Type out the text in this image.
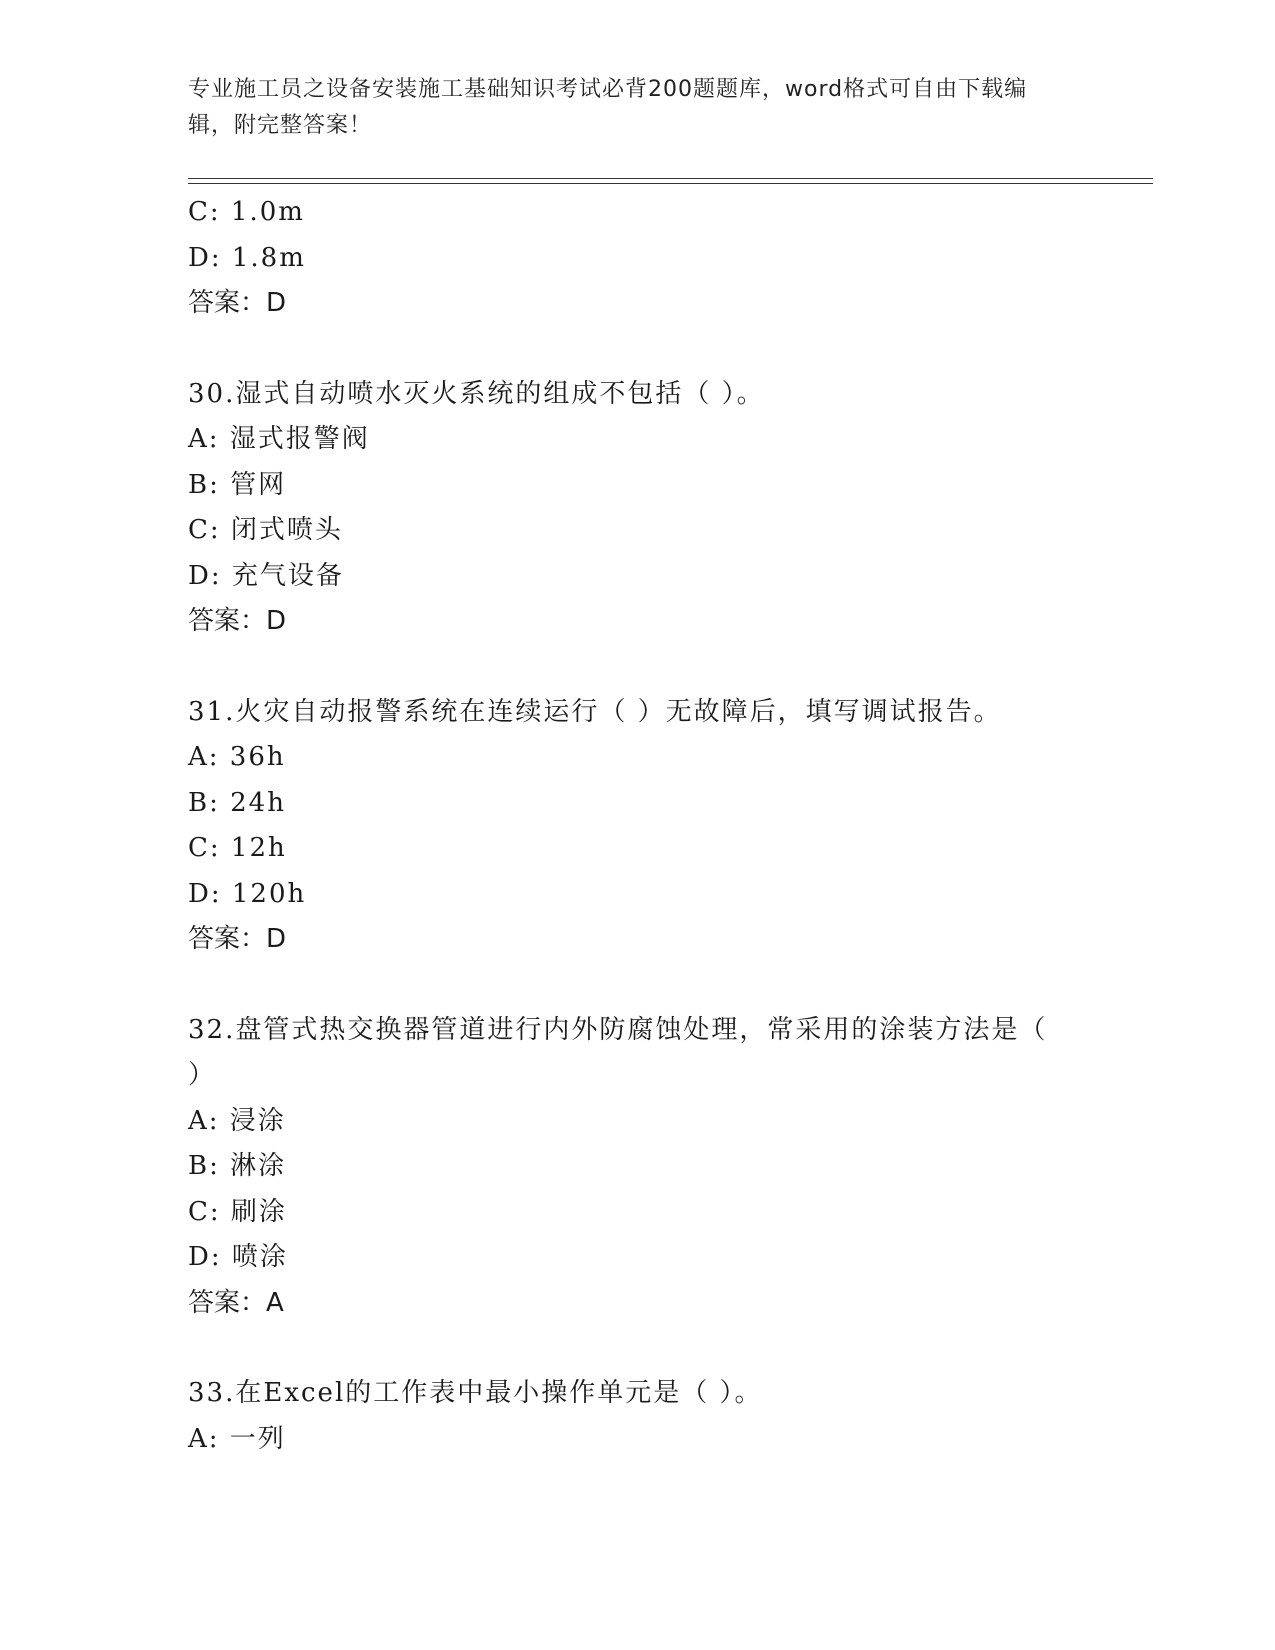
专业施工员之设备安装施工基础知识考试必背200题题库，word格式可自由下载编辑，附完整答案！
C: 1.0m
D: 1.8m
答案：D
30.湿式自动喷水灭火系统的组成不包括（ ）。
A: 湿式报警阀
B: 管网
C: 闭式喷头
D: 充气设备
答案：D
31.火灾自动报警系统在连续运行（ ）无故障后，填写调试报告。
A: 36h
B: 24h
C: 12h
D: 120h
答案：D
32.盘管式热交换器管道进行内外防腐蚀处理，常采用的涂装方法是（
）
A: 浸涂
B: 淋涂
C: 刷涂
D: 喷涂
答案：A
33.在Excel的工作表中最小操作单元是（ ）。
A: 一列
